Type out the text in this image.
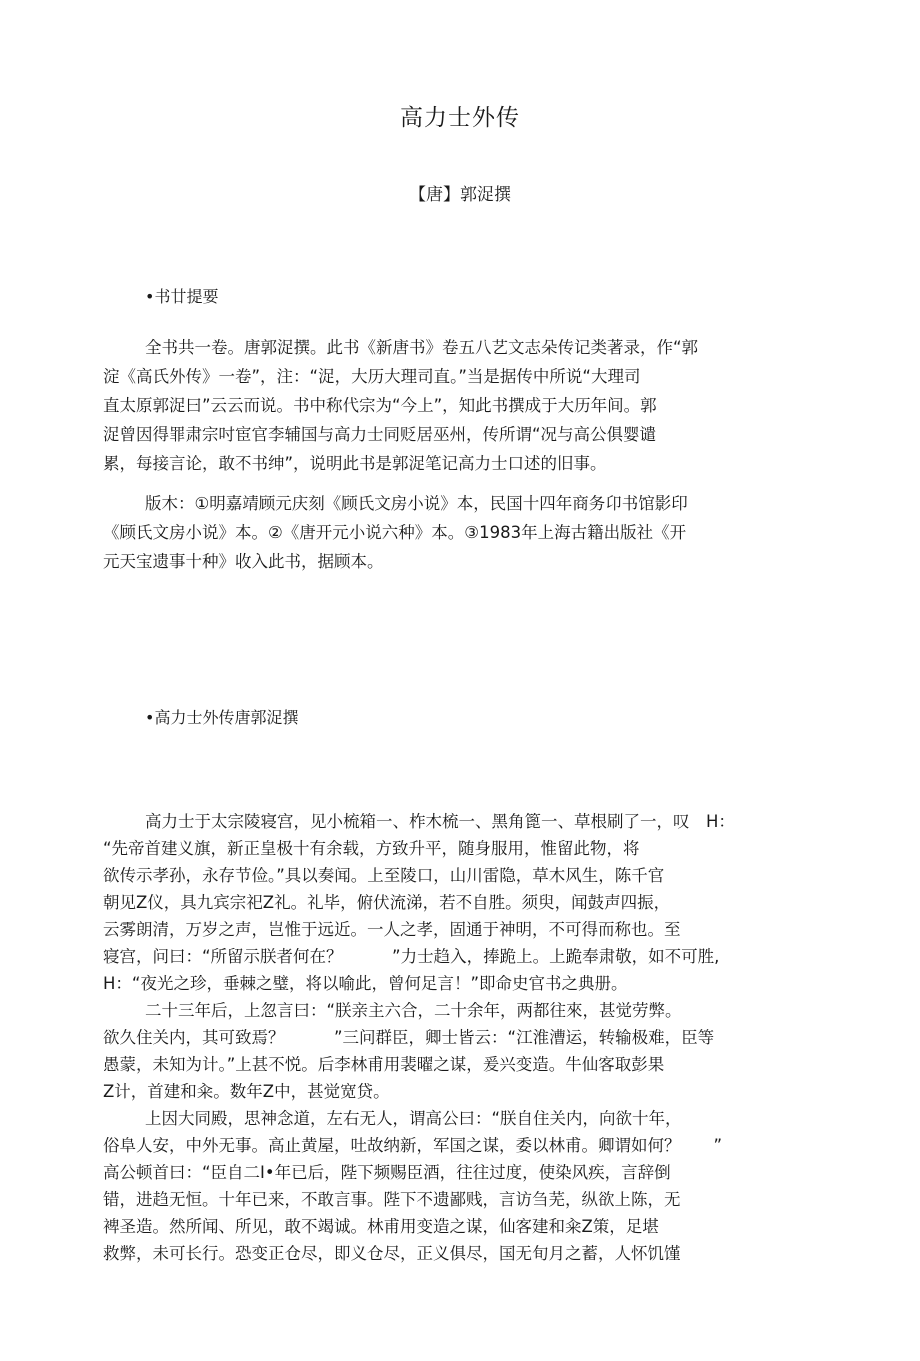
高力士外传
【唐】郭浞撰
•书廿提要
全书共一卷。唐郭浞撰。此书《新唐书》卷五八艺文志朵传记类著录，作“郭
淀《高氏外传》一卷”，注：“浞，大历大理司直。”当是据传中所说“大理司
直太原郭浞曰”云云而说。书中称代宗为“今上”，知此书撰成于大历年间。郭
浞曾因得罪肃宗吋宦官李辅国与高力士同贬居巫州，传所谓“况与高公俱婴谴
累，每接言论，敢不书绅”，说明此书是郭浞笔记高力士口述的旧事。
版木：①明嘉靖顾元庆刻《顾氏文房小说》本，民国十四年商务卬书馆影印
《顾氏文房小说》本。②《唐开元小说六种》本。③1983年上海古籍出版社《开
元天宝遗事十种》收入此书，据顾本。
•高力士外传唐郭浞撰
高力士于太宗陵寝宫，见小梳箱一、柞木梳一、黑角篦一、草根刷了一，叹　H：
“先帝首建义旗，新正皇极十有余载，方致升平，随身服用，惟留此物，将
欲传示孝孙，永存节俭。”具以奏闻。上至陵口，山川雷隐，草木风生，陈千官
朝见Z仪，具九宾宗祀Z礼。礼毕，俯伏流涕，若不自胜。须臾，闻鼓声四振，
云雾朗清，万岁之声，岂惟于远近。一人之孝，固通于神明，不可得而称也。至
寝宫，问曰：“所留示朕者何在？　　　”力士趋入，捧跪上。上跪奉肃敬，如不可胜,
H：“夜光之珍，垂棘之璧，将以喻此，曾何足言！”即命史官书之典册。
二十三年后，上忽言曰：“朕亲主六合，二十余年，两都往來，甚觉劳弊。
欲久住关内，其可致焉？　　　”三问群臣，卿士皆云：“江淮漕运，转输极难，臣等
愚蒙，未知为计。”上甚不悦。后李林甫用裴曜之谋，爰兴变造。牛仙客取彭果
Z计，首建和籴。数年Z中，甚觉宽贷。
上因大同殿，思神念道，左右无人，谓高公曰：“朕自住关内，向欲十年，
俗阜人安，中外无事。高止黄屋，吐故纳新，军国之谋，委以林甫。卿谓如何？　　”
高公顿首曰：“臣自二I•年已后，陛下频赐臣酒，往往过度，使染风疾，言辞倒
错，进趋无恒。十年已来，不敢言事。陛下不遗鄙贱，言访刍芜，纵欲上陈，无
裨圣造。然所闻、所见，敢不竭诚。林甫用变造之谋，仙客建和籴Z策，足堪
救弊，未可长行。恐变正仓尽，即义仓尽，正义俱尽，国无旬月之蓄，人怀饥馑
